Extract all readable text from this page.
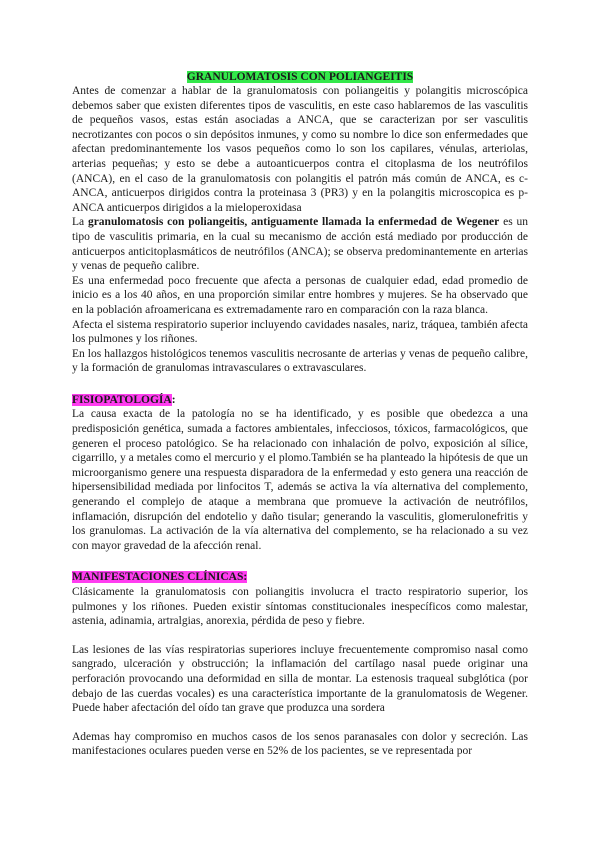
GRANULOMATOSIS CON POLIANGEITIS

Antes de comenzar a hablar de la granulomatosis con poliangeitis y polangitis microscópica debemos saber que existen diferentes tipos de vasculitis, en este caso hablaremos de las vasculitis de pequeños vasos, estas están asociadas a ANCA, que se caracterizan por ser vasculitis necrotizantes con pocos o sin depósitos inmunes, y como su nombre lo dice son enfermedades que afectan predominantemente los vasos pequeños como lo son los capilares, vénulas, arteriolas, arterias pequeñas; y esto se debe a autoanticuerpos contra el citoplasma de los neutrófilos (ANCA), en el caso de la granulomatosis con polangitis el patrón más común de ANCA, es c-ANCA, anticuerpos dirigidos contra la proteinasa 3 (PR3) y en la polangitis microscopica es p-ANCA anticuerpos dirigidos a la mieloperoxidasa

La granulomatosis con poliangeitis, antiguamente llamada la enfermedad de Wegener es un tipo de vasculitis primaria, en la cual su mecanismo de acción está mediado por producción de anticuerpos anticitoplasmáticos de neutrófilos (ANCA); se observa predominantemente en arterias y venas de pequeño calibre.

Es una enfermedad poco frecuente que afecta a personas de cualquier edad, edad promedio de inicio es a los 40 años, en una proporción similar entre hombres y mujeres. Se ha observado que en la población afroamericana es extremadamente raro en comparación con la raza blanca.

Afecta el sistema respiratorio superior incluyendo cavidades nasales, nariz, tráquea, también afecta los pulmones y los riñones.

En los hallazgos histológicos tenemos vasculitis necrosante de arterias y venas de pequeño calibre, y la formación de granulomas intravasculares o extravasculares.

FISIOPATOLOGÍA:

La causa exacta de la patología no se ha identificado, y es posible que obedezca a una predisposición genética, sumada a factores ambientales, infecciosos, tóxicos, farmacológicos, que generen el proceso patológico. Se ha relacionado con inhalación de polvo, exposición al sílice, cigarrillo, y a metales como el mercurio y el plomo.También se ha planteado la hipótesis de que un microorganismo genere una respuesta disparadora de la enfermedad y esto genera una reacción de hipersensibilidad mediada por linfocitos T, además se activa la vía alternativa del complemento, generando el complejo de ataque a membrana que promueve la activación de neutrófilos, inflamación, disrupción del endotelio y daño tisular; generando la vasculitis, glomerulonefritis y los granulomas. La activación de la vía alternativa del complemento, se ha relacionado a su vez con mayor gravedad de la afección renal.

MANIFESTACIONES CLÍNICAS:

Clásicamente la granulomatosis con poliangitis involucra el tracto respiratorio superior, los pulmones y los riñones. Pueden existir síntomas constitucionales inespecíficos como malestar, astenia, adinamia, artralgias, anorexia, pérdida de peso y fiebre.

Las lesiones de las vías respiratorias superiores incluye frecuentemente compromiso nasal como sangrado, ulceración y obstrucción; la inflamación del cartílago nasal puede originar una perforación provocando una deformidad en silla de montar. La estenosis traqueal subglótica (por debajo de las cuerdas vocales) es una característica importante de la granulomatosis de Wegener. Puede haber afectación del oído tan grave que produzca una sordera

Ademas hay compromiso en muchos casos de los senos paranasales con dolor y secreción. Las manifestaciones oculares pueden verse en 52% de los pacientes, se ve representada por
